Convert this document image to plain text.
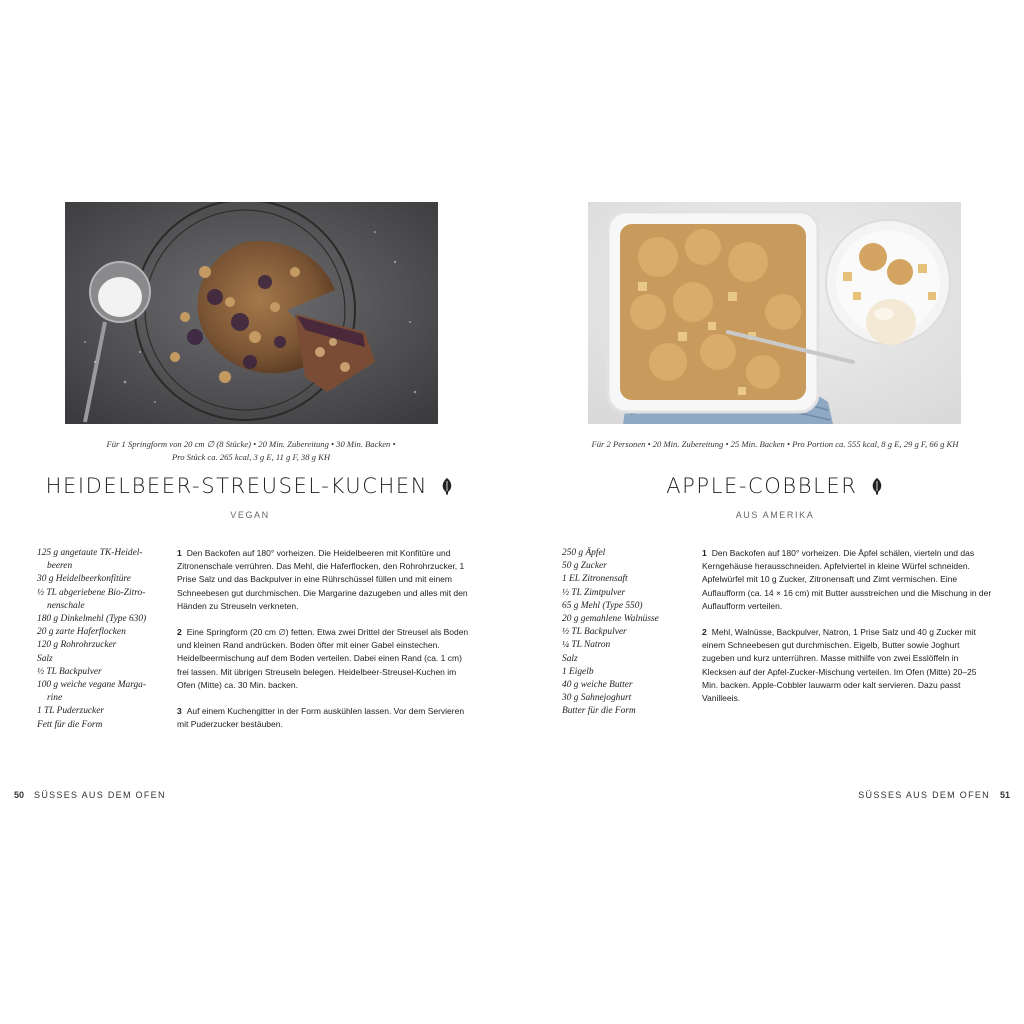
Für 1 Springform von 20 cm ∅ (8 Stücke) • 20 Min. Zubereitung • 30 Min. Backen •
Pro Stück ca. 265 kcal, 3 g E, 11 g F, 38 g KH
HEIDELBEER-STREUSEL-KUCHEN
VEGAN
125 g angetaute TK-Heidel-
beeren
30 g Heidelbeerkonfitüre
½ TL abgeriebene Bio-Zitro-
nenschale
180 g Dinkelmehl (Type 630)
20 g zarte Haferflocken
120 g Rohrohrzucker
Salz
½ TL Backpulver
100 g weiche vegane Marga-
rine
1 TL Puderzucker
Fett für die Form

1 Den Backofen auf 180° vorheizen. Die Heidelbeeren mit Konfitüre und Zitronenschale verrühren. Das Mehl, die Haferflocken, den Rohrohrzucker, 1 Prise Salz und das Backpulver in eine Rührschüssel füllen und mit einem Schneebesen gut durchmischen. Die Margarine dazugeben und alles mit den Händen zu Streuseln verkneten.

2 Eine Springform (20 cm ∅) fetten. Etwa zwei Drittel der Streusel als Boden und kleinen Rand andrücken. Boden öfter mit einer Gabel einstechen. Heidelbeermischung auf dem Boden verteilen. Dabei einen Rand (ca. 1 cm) frei lassen. Mit übrigen Streuseln belegen. Heidelbeer-Streusel-Kuchen im Ofen (Mitte) ca. 30 Min. backen.

3 Auf einem Kuchengitter in der Form auskühlen lassen. Vor dem Servieren mit Puderzucker bestäuben.

50 SÜSSES AUS DEM OFEN
Für 2 Personen • 20 Min. Zubereitung • 25 Min. Backen • Pro Portion ca. 555 kcal, 8 g E, 29 g F, 66 g KH
APPLE-COBBLER
AUS AMERIKA
250 g Äpfel
50 g Zucker
1 EL Zitronensaft
½ TL Zimtpulver
65 g Mehl (Type 550)
20 g gemahlene Walnüsse
½ TL Backpulver
¼ TL Natron
Salz
1 Eigelb
40 g weiche Butter
30 g Sahnejoghurt
Butter für die Form

1 Den Backofen auf 180° vorheizen. Die Äpfel schälen, vierteln und das Kerngehäuse herausschneiden. Apfelviertel in kleine Würfel schneiden. Apfelwürfel mit 10 g Zucker, Zitronensaft und Zimt vermischen. Eine Auflaufform (ca. 14 × 16 cm) mit Butter ausstreichen und die Mischung in der Auflaufform verteilen.

2 Mehl, Walnüsse, Backpulver, Natron, 1 Prise Salz und 40 g Zucker mit einem Schneebesen gut durchmischen. Eigelb, Butter sowie Joghurt zugeben und kurz unterrühren. Masse mithilfe von zwei Esslöffeln in Klecksen auf der Apfel-Zucker-Mischung verteilen. Im Ofen (Mitte) 20–25 Min. backen. Apple-Cobbler lauwarm oder kalt servieren. Dazu passt Vanilleeis.

SÜSSES AUS DEM OFEN 51
